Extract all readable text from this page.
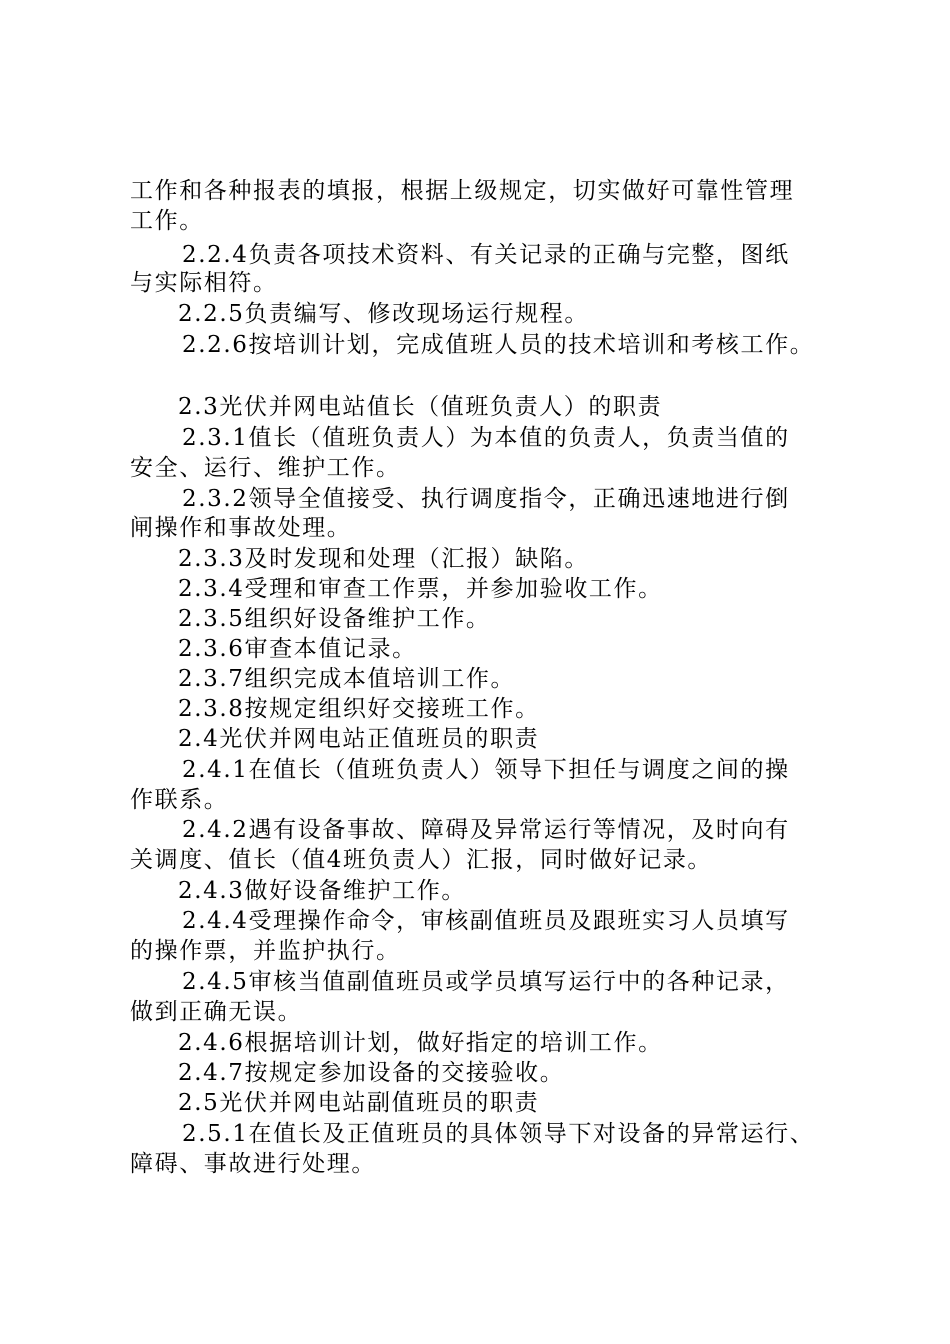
工作和各种报表的填报，根据上级规定，切实做好可靠性管理
工作。
2.2.4负责各项技术资料、有关记录的正确与完整，图纸
与实际相符。
2.2.5负责编写、修改现场运行规程。
2.2.6按培训计划，完成值班人员的技术培训和考核工作。
2.3光伏并网电站值长（值班负责人）的职责
2.3.1值长（值班负责人）为本值的负责人，负责当值的
安全、运行、维护工作。
2.3.2领导全值接受、执行调度指令，正确迅速地进行倒
闸操作和事故处理。
2.3.3及时发现和处理（汇报）缺陷。
2.3.4受理和审查工作票，并参加验收工作。
2.3.5组织好设备维护工作。
2.3.6审查本值记录。
2.3.7组织完成本值培训工作。
2.3.8按规定组织好交接班工作。
2.4光伏并网电站正值班员的职责
2.4.1在值长（值班负责人）领导下担任与调度之间的操
作联系。
2.4.2遇有设备事故、障碍及异常运行等情况，及时向有
关调度、值长（值4班负责人）汇报，同时做好记录。
2.4.3做好设备维护工作。
2.4.4受理操作命令，审核副值班员及跟班实习人员填写
的操作票，并监护执行。
2.4.5审核当值副值班员或学员填写运行中的各种记录，
做到正确无误。
2.4.6根据培训计划，做好指定的培训工作。
2.4.7按规定参加设备的交接验收。
2.5光伏并网电站副值班员的职责
2.5.1在值长及正值班员的具体领导下对设备的异常运行、
障碍、事故进行处理。
